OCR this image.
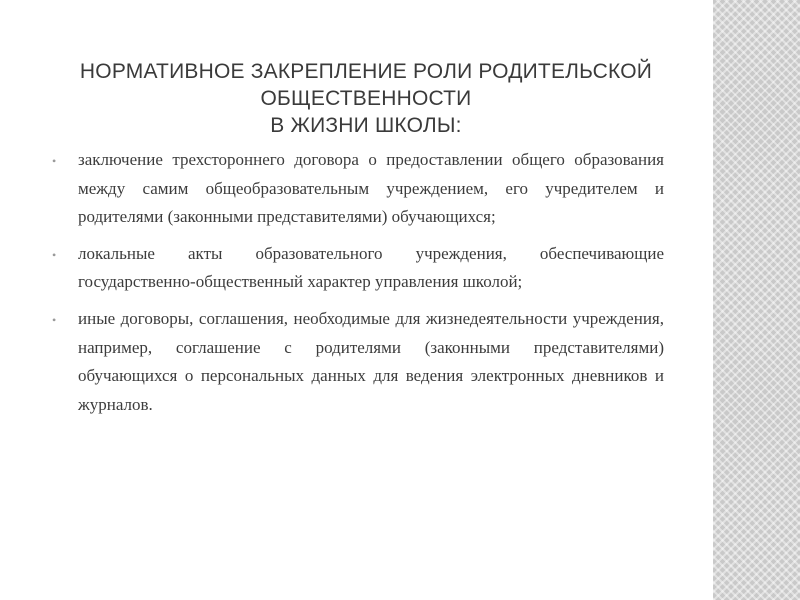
НОРМАТИВНОЕ ЗАКРЕПЛЕНИЕ РОЛИ РОДИТЕЛЬСКОЙ
ОБЩЕСТВЕННОСТИ
В ЖИЗНИ ШКОЛЫ:
• заключение трехстороннего договора о предоставлении общего образования между самим общеобразовательным учреждением, его учредителем и родителями (законными представителями) обучающихся;
• локальные акты образовательного учреждения, обеспечивающие государственно-общественный характер управления школой;
• иные договоры, соглашения, необходимые для жизнедеятельности учреждения, например, соглашение с родителями (законными представителями) обучающихся о персональных данных для ведения электронных дневников и журналов.
